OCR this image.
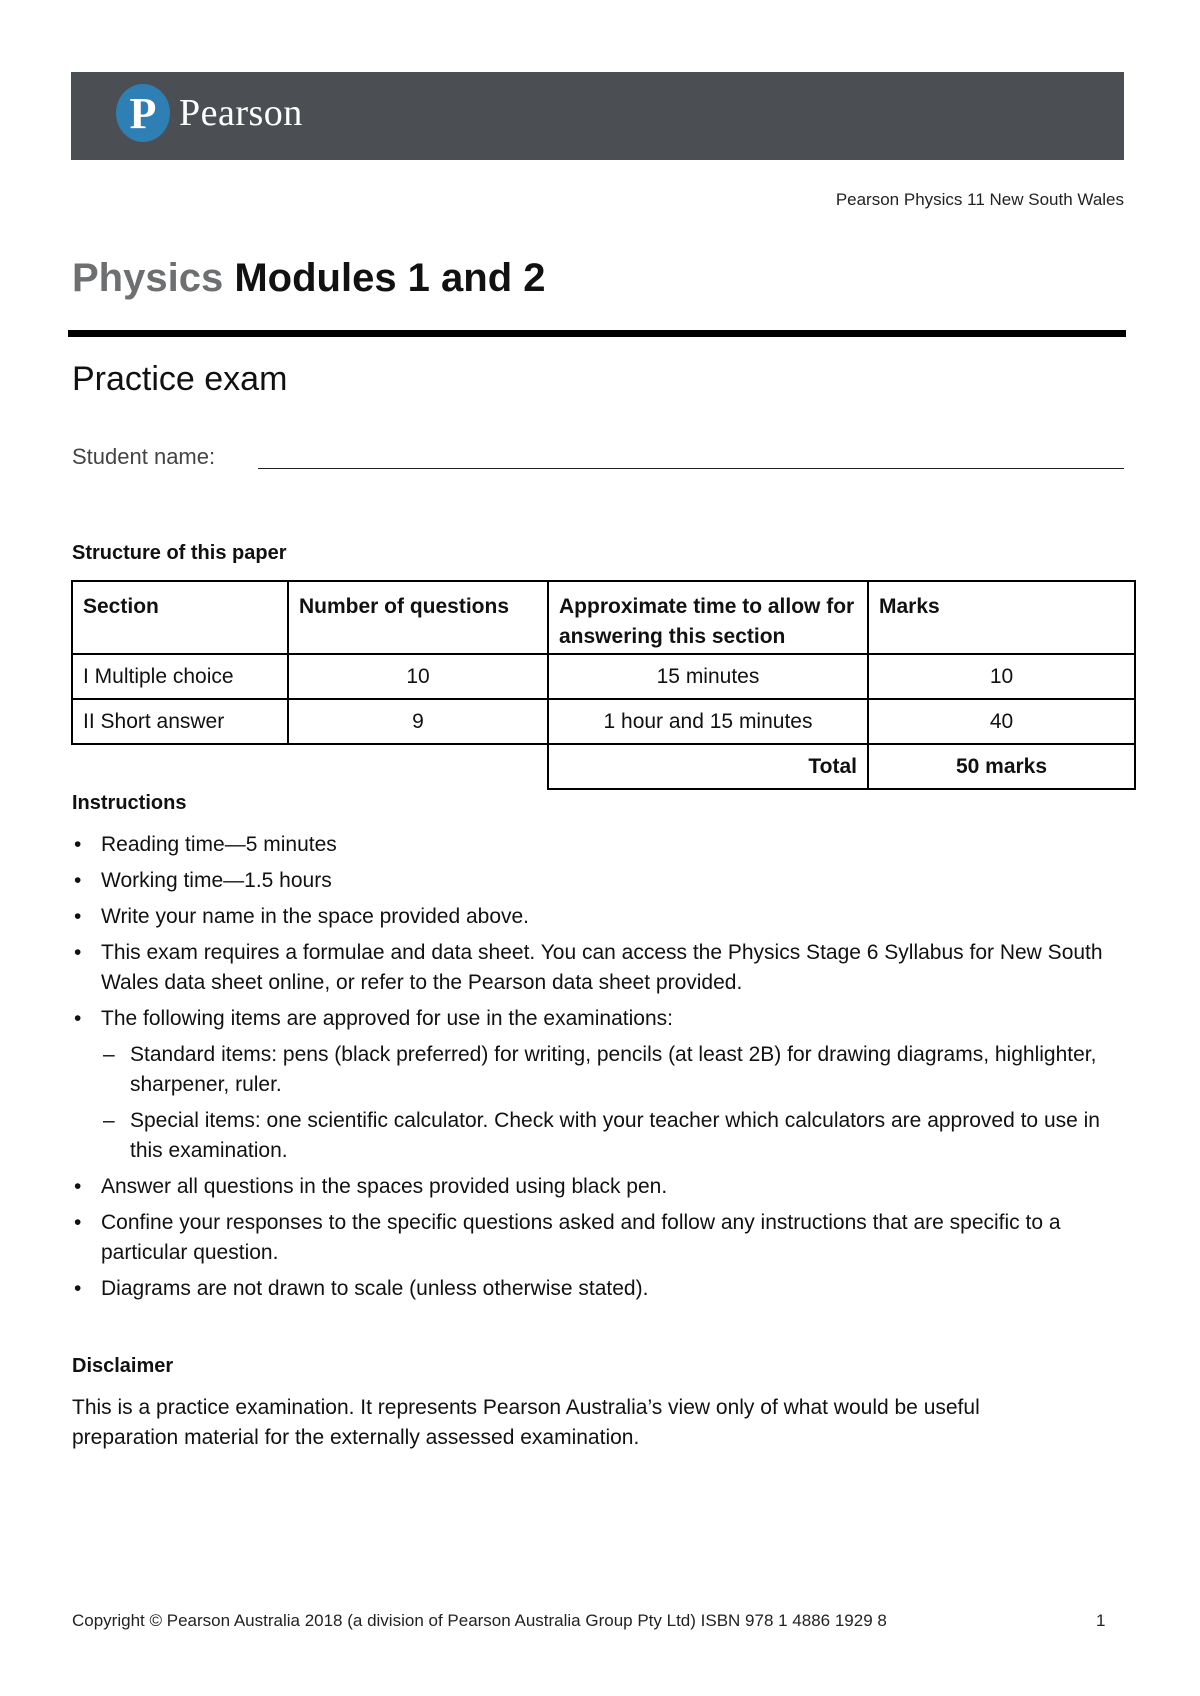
P Pearson
Pearson Physics 11 New South Wales
Physics Modules 1 and 2
Practice exam
Student name:
Structure of this paper
Section	Number of questions	Approximate time to allow for answering this section	Marks
I Multiple choice	10	15 minutes	10
II Short answer	9	1 hour and 15 minutes	40
		Total	50 marks
Instructions
• Reading time—5 minutes
• Working time—1.5 hours
• Write your name in the space provided above.
• This exam requires a formulae and data sheet. You can access the Physics Stage 6 Syllabus for New South Wales data sheet online, or refer to the Pearson data sheet provided.
• The following items are approved for use in the examinations:
– Standard items: pens (black preferred) for writing, pencils (at least 2B) for drawing diagrams, highlighter, sharpener, ruler.
– Special items: one scientific calculator. Check with your teacher which calculators are approved to use in this examination.
• Answer all questions in the spaces provided using black pen.
• Confine your responses to the specific questions asked and follow any instructions that are specific to a particular question.
• Diagrams are not drawn to scale (unless otherwise stated).
Disclaimer
This is a practice examination. It represents Pearson Australia’s view only of what would be useful preparation material for the externally assessed examination.
Copyright © Pearson Australia 2018 (a division of Pearson Australia Group Pty Ltd) ISBN 978 1 4886 1929 8	1
